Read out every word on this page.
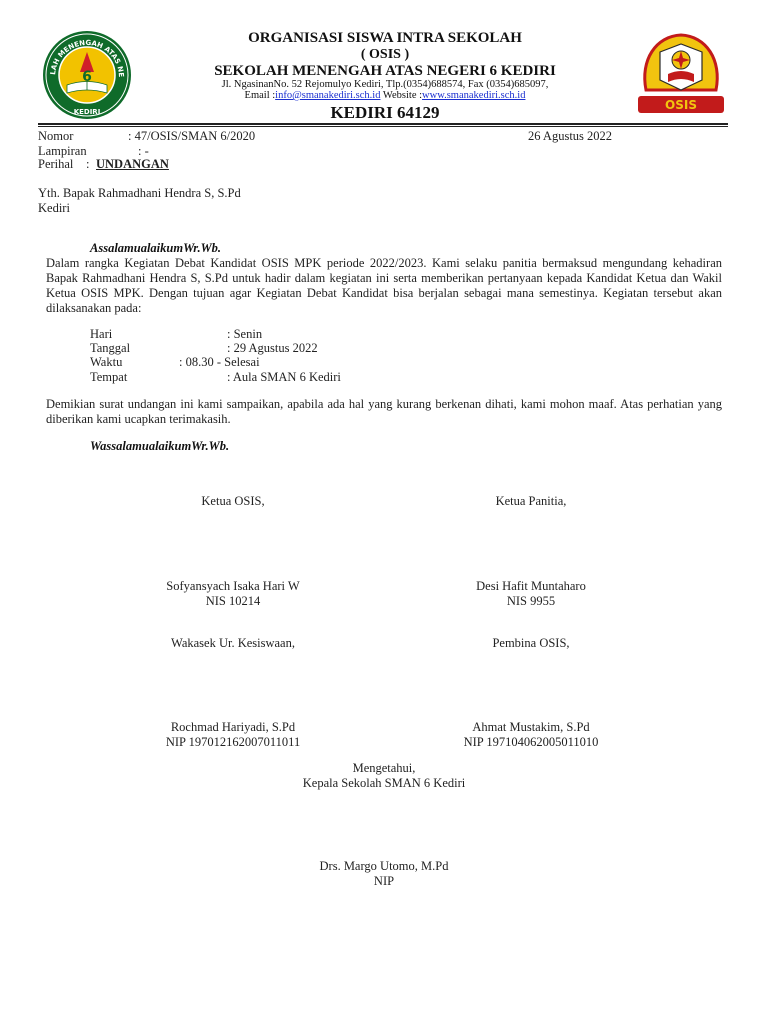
LAH MENENGAH ATAS NE
KEDIRI
6
OSIS
ORGANISASI SISWA INTRA SEKOLAH
( OSIS )
SEKOLAH MENENGAH ATAS NEGERI 6 KEDIRI
Jl. NgasinanNo. 52 Rejomulyo Kediri, Tlp.(0354)688574, Fax (0354)685097,
Email :info@smanakediri.sch.id Website :www.smanakediri.sch.id
KEDIRI 64129
Nomor	: 47/OSIS/SMAN 6/2020	26 Agustus 2022
Lampiran	: -
Perihal : UNDANGAN
Yth. Bapak Rahmadhani Hendra S, S.Pd
Kediri
AssalamualaikumWr.Wb.
Dalam rangka Kegiatan Debat Kandidat OSIS MPK periode 2022/2023. Kami selaku panitia bermaksud mengundang kehadiran Bapak Rahmadhani Hendra S, S.Pd untuk hadir dalam kegiatan ini serta memberikan pertanyaan kepada Kandidat Ketua dan Wakil Ketua OSIS MPK. Dengan tujuan agar Kegiatan Debat Kandidat bisa berjalan sebagai mana semestinya. Kegiatan tersebut akan dilaksanakan pada:
Hari	: Senin
Tanggal	: 29 Agustus 2022
Waktu	: 08.30 - Selesai
Tempat	: Aula SMAN 6 Kediri
Demikian surat undangan ini kami sampaikan, apabila ada hal yang kurang berkenan dihati, kami mohon maaf. Atas perhatian yang diberikan kami ucapkan terimakasih.
WassalamualaikumWr.Wb.
Ketua OSIS,	Ketua Panitia,
Sofyansyach Isaka Hari W	Desi Hafit Muntaharo
NIS 10214	NIS 9955
Wakasek Ur. Kesiswaan,	Pembina OSIS,
Rochmad Hariyadi, S.Pd	Ahmat Mustakim, S.Pd
NIP 197012162007011011	NIP 197104062005011010
Mengetahui,
Kepala Sekolah SMAN 6 Kediri
Drs. Margo Utomo, M.Pd
NIP
